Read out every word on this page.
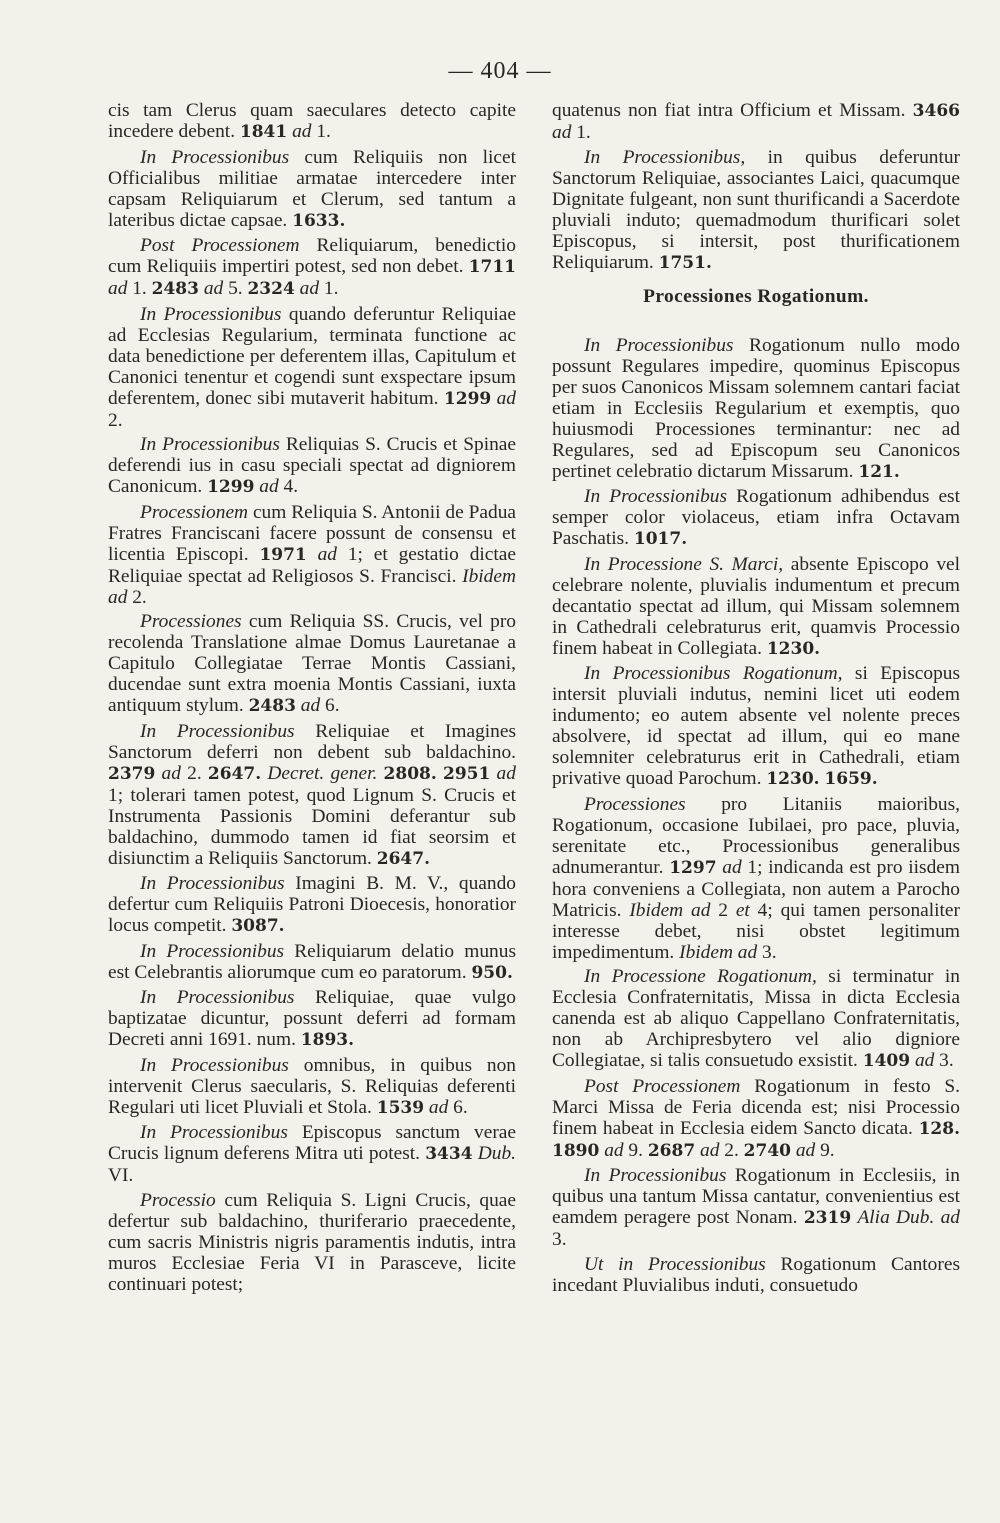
— 404 —

cis tam Clerus quam saeculares detecto capite incedere debent. 1841 ad 1.

In Processionibus cum Reliquiis non licet Officialibus militiae armatae intercedere inter capsam Reliquiarum et Clerum, sed tantum a lateribus dictae capsae. 1633.

Post Processionem Reliquiarum, benedictio cum Reliquiis impertiri potest, sed non debet. 1711 ad 1. 2483 ad 5. 2324 ad 1.

In Processionibus quando deferuntur Reliquiae ad Ecclesias Regularium, terminata functione ac data benedictione per deferentem illas, Capitulum et Canonici tenentur et cogendi sunt exspectare ipsum deferentem, donec sibi mutaverit habitum. 1299 ad 2.

In Processionibus Reliquias S. Crucis et Spinae deferendi ius in casu speciali spectat ad digniorem Canonicum. 1299 ad 4.

Processionem cum Reliquia S. Antonii de Padua Fratres Franciscani facere possunt de consensu et licentia Episcopi. 1971 ad 1; et gestatio dictae Reliquiae spectat ad Religiosos S. Francisci. Ibidem ad 2.

Processiones cum Reliquia SS. Crucis, vel pro recolenda Translatione almae Domus Lauretanae a Capitulo Collegiatae Terrae Montis Cassiani, ducendae sunt extra moenia Montis Cassiani, iuxta antiquum stylum. 2483 ad 6.

In Processionibus Reliquiae et Imagines Sanctorum deferri non debent sub baldachino. 2379 ad 2. 2647. Decret. gener. 2808. 2951 ad 1; tolerari tamen potest, quod Lignum S. Crucis et Instrumenta Passionis Domini deferantur sub baldachino, dummodo tamen id fiat seorsim et disiunctim a Reliquiis Sanctorum. 2647.

In Processionibus Imagini B. M. V., quando defertur cum Reliquiis Patroni Dioecesis, honoratior locus competit. 3087.

In Processionibus Reliquiarum delatio munus est Celebrantis aliorumque cum eo paratorum. 950.

In Processionibus Reliquiae, quae vulgo baptizatae dicuntur, possunt deferri ad formam Decreti anni 1691. num. 1893.

In Processionibus omnibus, in quibus non intervenit Clerus saecularis, S. Reliquias deferenti Regulari uti licet Pluviali et Stola. 1539 ad 6.

In Processionibus Episcopus sanctum verae Crucis lignum deferens Mitra uti potest. 3434 Dub. VI.

Processio cum Reliquia S. Ligni Crucis, quae defertur sub baldachino, thuriferario praecedente, cum sacris Ministris nigris paramentis indutis, intra muros Ecclesiae Feria VI in Parasceve, licite continuari potest;

quatenus non fiat intra Officium et Missam. 3466 ad 1.

In Processionibus, in quibus deferuntur Sanctorum Reliquiae, associantes Laici, quacumque Dignitate fulgeant, non sunt thurificandi a Sacerdote pluviali induto; quemadmodum thurificari solet Episcopus, si intersit, post thurificationem Reliquiarum. 1751.

Processiones Rogationum.

In Processionibus Rogationum nullo modo possunt Regulares impedire, quominus Episcopus per suos Canonicos Missam solemnem cantari faciat etiam in Ecclesiis Regularium et exemptis, quo huiusmodi Processiones terminantur: nec ad Regulares, sed ad Episcopum seu Canonicos pertinet celebratio dictarum Missarum. 121.

In Processionibus Rogationum adhibendus est semper color violaceus, etiam infra Octavam Paschatis. 1017.

In Processione S. Marci, absente Episcopo vel celebrare nolente, pluvialis indumentum et precum decantatio spectat ad illum, qui Missam solemnem in Cathedrali celebraturus erit, quamvis Processio finem habeat in Collegiata. 1230.

In Processionibus Rogationum, si Episcopus intersit pluviali indutus, nemini licet uti eodem indumento; eo autem absente vel nolente preces absolvere, id spectat ad illum, qui eo mane solemniter celebraturus erit in Cathedrali, etiam privative quoad Parochum. 1230. 1659.

Processiones pro Litaniis maioribus, Rogationum, occasione Iubilaei, pro pace, pluvia, serenitate etc., Processionibus generalibus adnumerantur. 1297 ad 1; indicanda est pro iisdem hora conveniens a Collegiata, non autem a Parocho Matricis. Ibidem ad 2 et 4; qui tamen personaliter interesse debet, nisi obstet legitimum impedimentum. Ibidem ad 3.

In Processione Rogationum, si terminatur in Ecclesia Confraternitatis, Missa in dicta Ecclesia canenda est ab aliquo Cappellano Confraternitatis, non ab Archipresbytero vel alio digniore Collegiatae, si talis consuetudo exsistit. 1409 ad 3.

Post Processionem Rogationum in festo S. Marci Missa de Feria dicenda est; nisi Processio finem habeat in Ecclesia eidem Sancto dicata. 128. 1890 ad 9. 2687 ad 2. 2740 ad 9.

In Processionibus Rogationum in Ecclesiis, in quibus una tantum Missa cantatur, convenientius est eamdem peragere post Nonam. 2319 Alia Dub. ad 3.

Ut in Processionibus Rogationum Cantores incedant Pluvialibus induti, consuetudo
